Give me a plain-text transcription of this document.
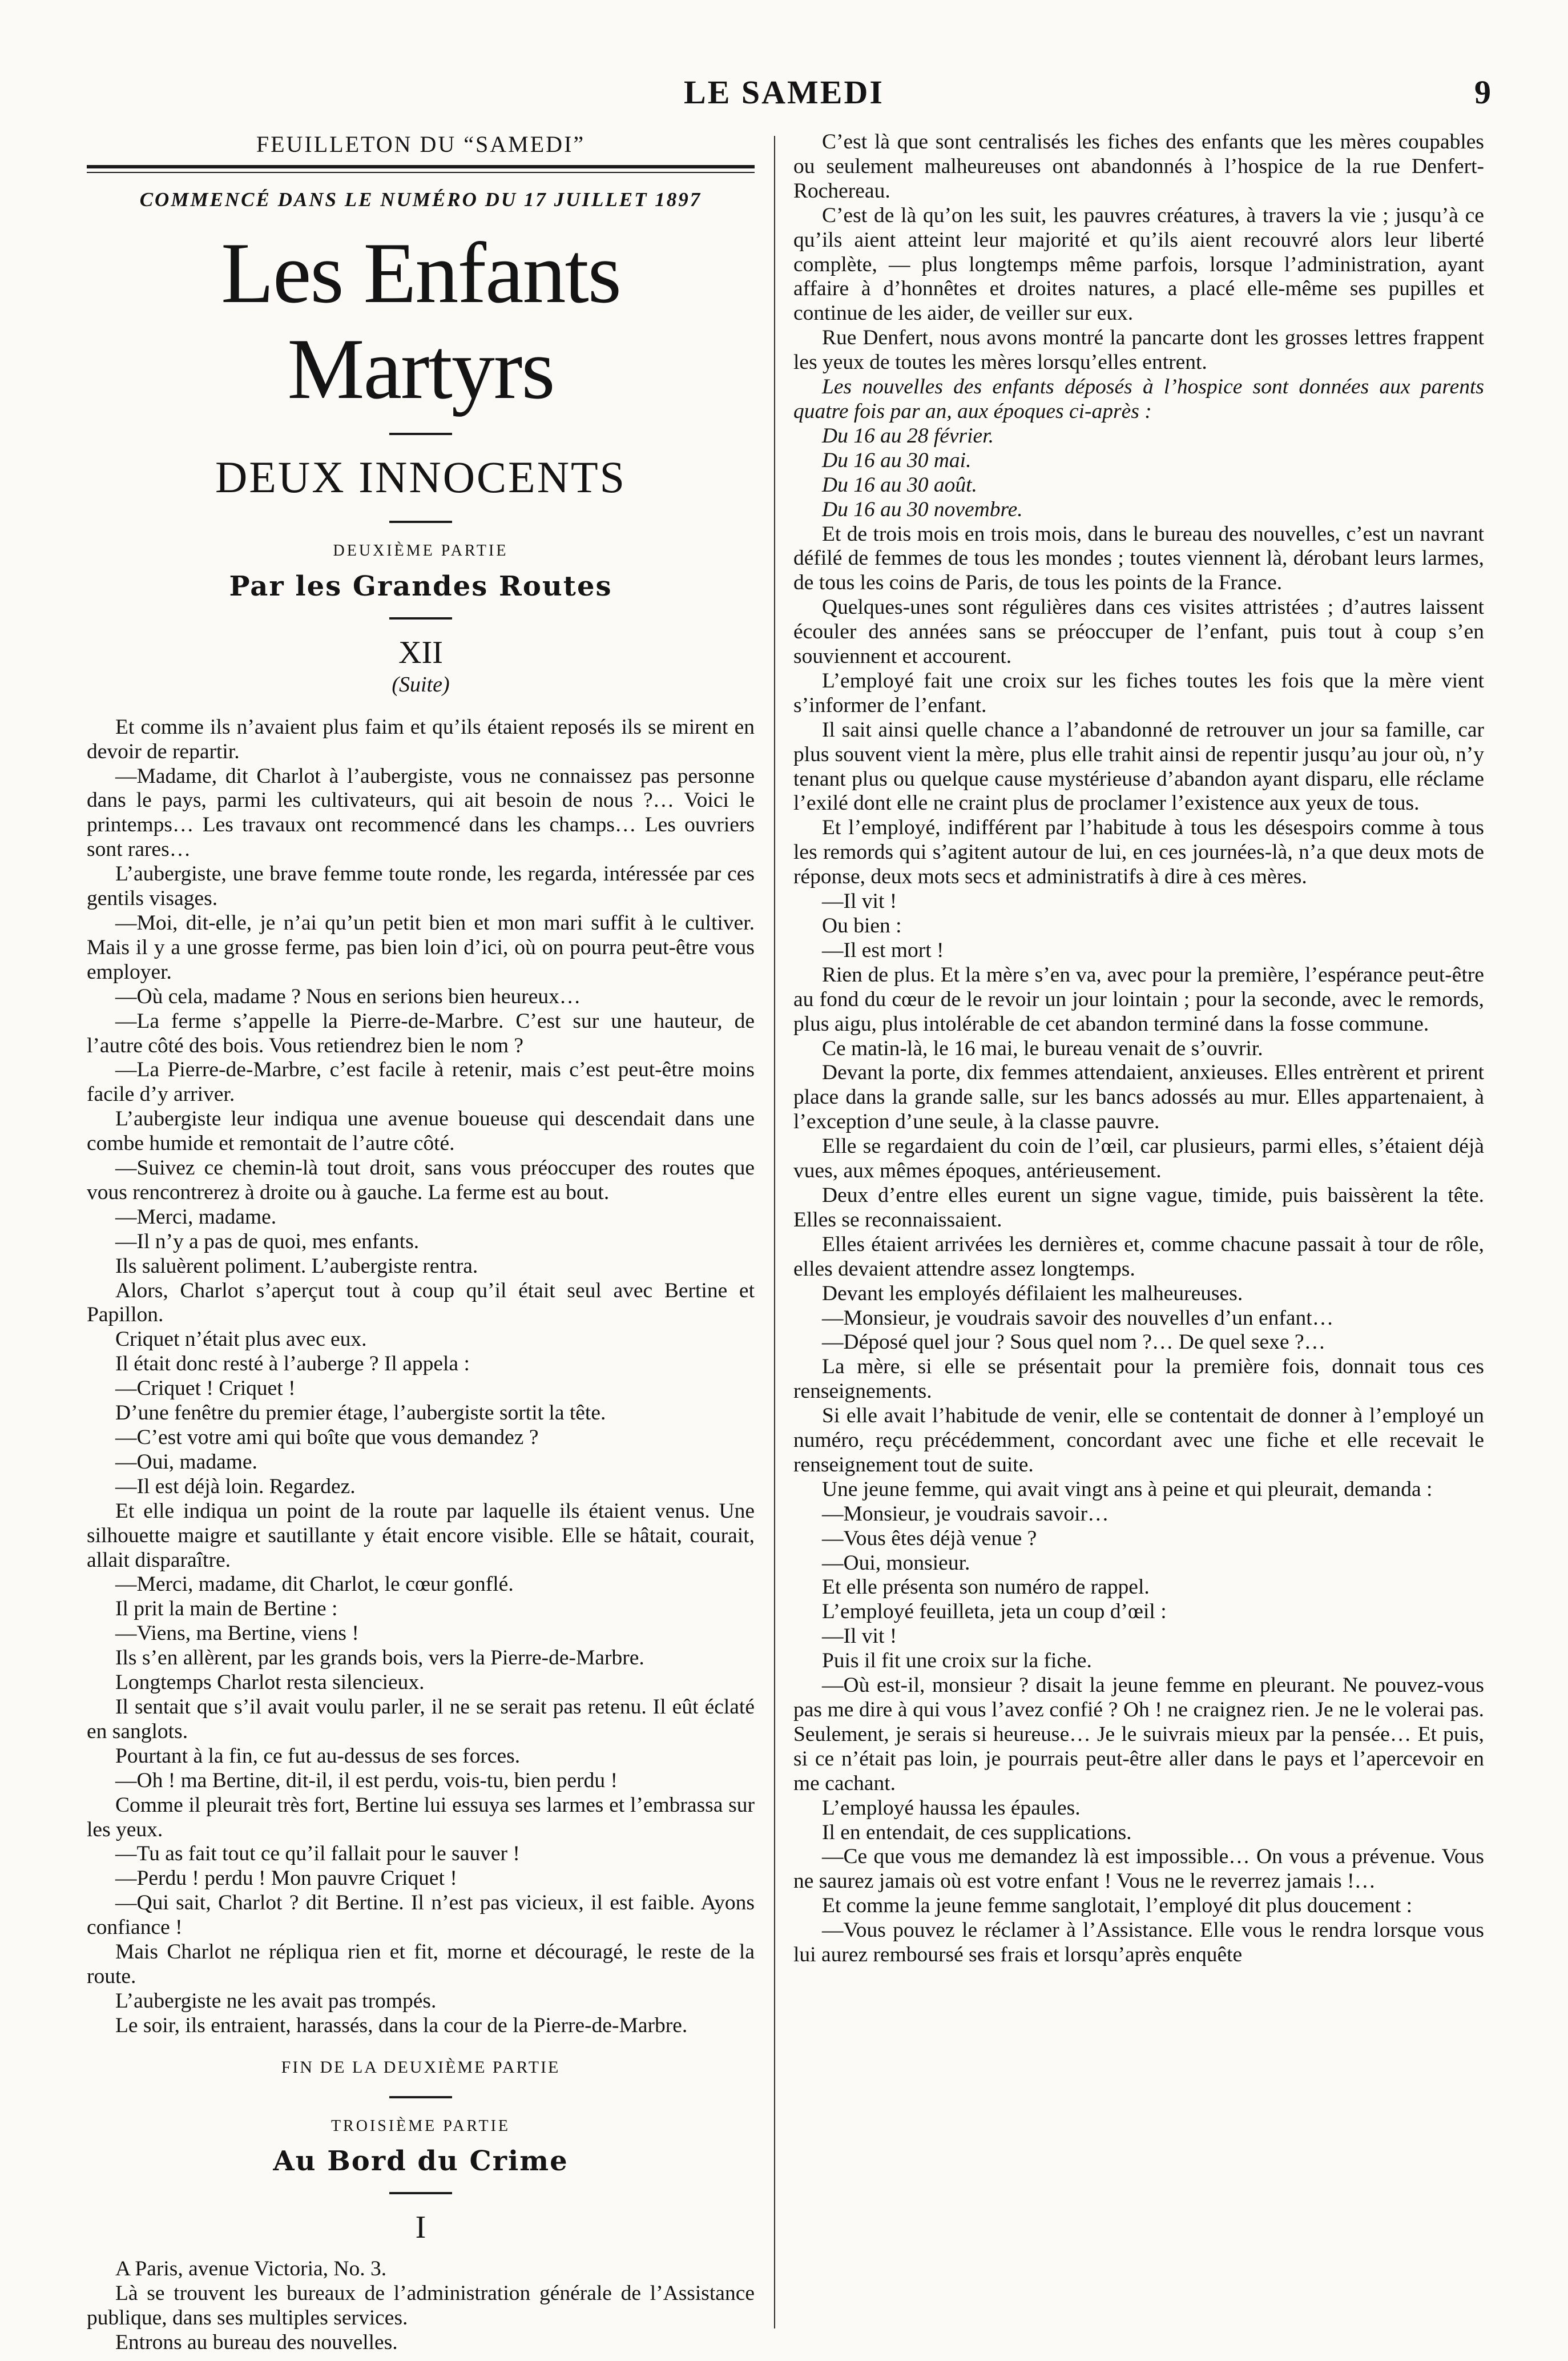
LE SAMEDI	9
FEUILLETON DU “SAMEDI”
COMMENCÉ DANS LE NUMÉRO DU 17 JUILLET 1897
Les Enfants Martyrs
DEUX INNOCENTS
DEUXIÈME PARTIE
Par les Grandes Routes
XII
(Suite)

Et comme ils n’avaient plus faim et qu’ils étaient reposés ils se mirent en devoir de repartir.

—Madame, dit Charlot à l’aubergiste, vous ne connaissez pas personne dans le pays, parmi les cultivateurs, qui ait besoin de nous ?… Voici le printemps… Les travaux ont recommencé dans les champs… Les ouvriers sont rares…

L’aubergiste, une brave femme toute ronde, les regarda, intéressée par ces gentils visages.

—Moi, dit-elle, je n’ai qu’un petit bien et mon mari suffit à le cultiver. Mais il y a une grosse ferme, pas bien loin d’ici, où on pourra peut-être vous employer.

—Où cela, madame ? Nous en serions bien heureux…

—La ferme s’appelle la Pierre-de-Marbre. C’est sur une hauteur, de l’autre côté des bois. Vous retiendrez bien le nom ?

—La Pierre-de-Marbre, c’est facile à retenir, mais c’est peut-être moins facile d’y arriver.

L’aubergiste leur indiqua une avenue boueuse qui descendait dans une combe humide et remontait de l’autre côté.

—Suivez ce chemin-là tout droit, sans vous préoccuper des routes que vous rencontrerez à droite ou à gauche. La ferme est au bout.

—Merci, madame.

—Il n’y a pas de quoi, mes enfants.

Ils saluèrent poliment. L’aubergiste rentra.

Alors, Charlot s’aperçut tout à coup qu’il était seul avec Bertine et Papillon.

Criquet n’était plus avec eux.

Il était donc resté à l’auberge ? Il appela :

—Criquet ! Criquet !

D’une fenêtre du premier étage, l’aubergiste sortit la tête.

—C’est votre ami qui boîte que vous demandez ?

—Oui, madame.

—Il est déjà loin. Regardez.

Et elle indiqua un point de la route par laquelle ils étaient venus. Une silhouette maigre et sautillante y était encore visible. Elle se hâtait, courait, allait disparaître.

—Merci, madame, dit Charlot, le cœur gonflé.

Il prit la main de Bertine :

—Viens, ma Bertine, viens !

Ils s’en allèrent, par les grands bois, vers la Pierre-de-Marbre.

Longtemps Charlot resta silencieux.

Il sentait que s’il avait voulu parler, il ne se serait pas retenu. Il eût éclaté en sanglots.

Pourtant à la fin, ce fut au-dessus de ses forces.

—Oh ! ma Bertine, dit-il, il est perdu, vois-tu, bien perdu !

Comme il pleurait très fort, Bertine lui essuya ses larmes et l’embrassa sur les yeux.

—Tu as fait tout ce qu’il fallait pour le sauver !

—Perdu ! perdu ! Mon pauvre Criquet !

—Qui sait, Charlot ? dit Bertine. Il n’est pas vicieux, il est faible. Ayons confiance !

Mais Charlot ne répliqua rien et fit, morne et découragé, le reste de la route.

L’aubergiste ne les avait pas trompés.

Le soir, ils entraient, harassés, dans la cour de la Pierre-de-Marbre.

FIN DE LA DEUXIÈME PARTIE
TROISIÈME PARTIE
Au Bord du Crime
I

A Paris, avenue Victoria, No. 3.

Là se trouvent les bureaux de l’administration générale de l’Assistance publique, dans ses multiples services.

Entrons au bureau des nouvelles.

C’est là que sont centralisés les fiches des enfants que les mères coupables ou seulement malheureuses ont abandonnés à l’hospice de la rue Denfert-Rochereau.

C’est de là qu’on les suit, les pauvres créatures, à travers la vie ; jusqu’à ce qu’ils aient atteint leur majorité et qu’ils aient recouvré alors leur liberté complète, — plus longtemps même parfois, lorsque l’administration, ayant affaire à d’honnêtes et droites natures, a placé elle-même ses pupilles et continue de les aider, de veiller sur eux.

Rue Denfert, nous avons montré la pancarte dont les grosses lettres frappent les yeux de toutes les mères lorsqu’elles entrent.

Les nouvelles des enfants déposés à l’hospice sont données aux parents quatre fois par an, aux époques ci-après :

Du 16 au 28 février.

Du 16 au 30 mai.

Du 16 au 30 août.

Du 16 au 30 novembre.

Et de trois mois en trois mois, dans le bureau des nouvelles, c’est un navrant défilé de femmes de tous les mondes ; toutes viennent là, dérobant leurs larmes, de tous les coins de Paris, de tous les points de la France.

Quelques-unes sont régulières dans ces visites attristées ; d’autres laissent écouler des années sans se préoccuper de l’enfant, puis tout à coup s’en souviennent et accourent.

L’employé fait une croix sur les fiches toutes les fois que la mère vient s’informer de l’enfant.

Il sait ainsi quelle chance a l’abandonné de retrouver un jour sa famille, car plus souvent vient la mère, plus elle trahit ainsi de repentir jusqu’au jour où, n’y tenant plus ou quelque cause mystérieuse d’abandon ayant disparu, elle réclame l’exilé dont elle ne craint plus de proclamer l’existence aux yeux de tous.

Et l’employé, indifférent par l’habitude à tous les désespoirs comme à tous les remords qui s’agitent autour de lui, en ces journées-là, n’a que deux mots de réponse, deux mots secs et administratifs à dire à ces mères.

—Il vit !

Ou bien :

—Il est mort !

Rien de plus. Et la mère s’en va, avec pour la première, l’espérance peut-être au fond du cœur de le revoir un jour lointain ; pour la seconde, avec le remords, plus aigu, plus intolérable de cet abandon terminé dans la fosse commune.

Ce matin-là, le 16 mai, le bureau venait de s’ouvrir.

Devant la porte, dix femmes attendaient, anxieuses. Elles entrèrent et prirent place dans la grande salle, sur les bancs adossés au mur. Elles appartenaient, à l’exception d’une seule, à la classe pauvre.

Elle se regardaient du coin de l’œil, car plusieurs, parmi elles, s’étaient déjà vues, aux mêmes époques, antérieusement.

Deux d’entre elles eurent un signe vague, timide, puis baissèrent la tête. Elles se reconnaissaient.

Elles étaient arrivées les dernières et, comme chacune passait à tour de rôle, elles devaient attendre assez longtemps.

Devant les employés défilaient les malheureuses.

—Monsieur, je voudrais savoir des nouvelles d’un enfant…

—Déposé quel jour ? Sous quel nom ?… De quel sexe ?…

La mère, si elle se présentait pour la première fois, donnait tous ces renseignements.

Si elle avait l’habitude de venir, elle se contentait de donner à l’employé un numéro, reçu précédemment, concordant avec une fiche et elle recevait le renseignement tout de suite.

Une jeune femme, qui avait vingt ans à peine et qui pleurait, demanda :

—Monsieur, je voudrais savoir…

—Vous êtes déjà venue ?

—Oui, monsieur.

Et elle présenta son numéro de rappel.

L’employé feuilleta, jeta un coup d’œil :

—Il vit !

Puis il fit une croix sur la fiche.

—Où est-il, monsieur ? disait la jeune femme en pleurant. Ne pouvez-vous pas me dire à qui vous l’avez confié ? Oh ! ne craignez rien. Je ne le volerai pas. Seulement, je serais si heureuse… Je le suivrais mieux par la pensée… Et puis, si ce n’était pas loin, je pourrais peut-être aller dans le pays et l’apercevoir en me cachant.

L’employé haussa les épaules.

Il en entendait, de ces supplications.

—Ce que vous me demandez là est impossible… On vous a prévenue. Vous ne saurez jamais où est votre enfant ! Vous ne le reverrez jamais !…

Et comme la jeune femme sanglotait, l’employé dit plus doucement :

—Vous pouvez le réclamer à l’Assistance. Elle vous le rendra lorsque vous lui aurez remboursé ses frais et lorsqu’après enquête
